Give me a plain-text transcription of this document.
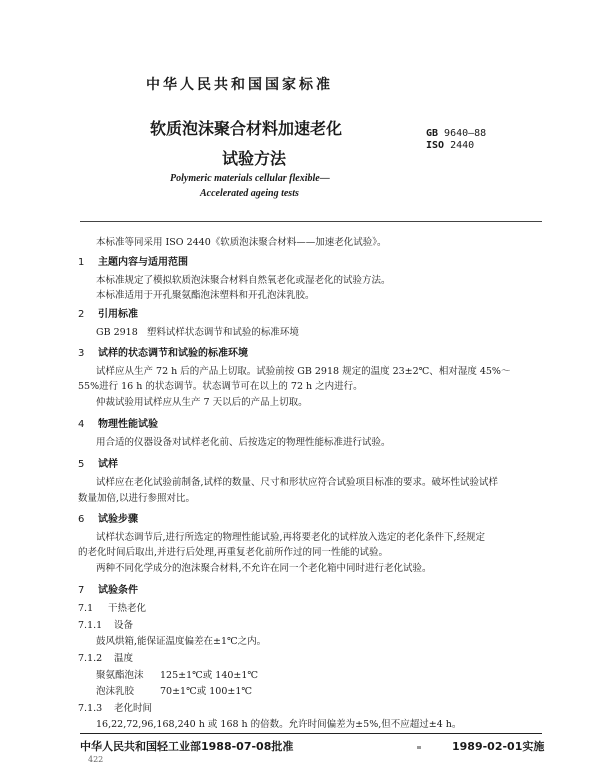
中华人民共和国国家标准
软质泡沫聚合材料加速老化
试验方法
GB 9640—88
ISO 2440
Polymeric materials cellular flexible—
Accelerated ageing tests
本标准等同采用 ISO 2440《软质泡沫聚合材料——加速老化试验》。
1 主题内容与适用范围
本标准规定了模拟软质泡沫聚合材料自然氧老化或湿老化的试验方法。
本标准适用于开孔聚氨酯泡沫塑料和开孔泡沫乳胶。
2 引用标准
GB 2918   塑料试样状态调节和试验的标准环境
3 试样的状态调节和试验的标准环境
试样应从生产 72 h 后的产品上切取。试验前按 GB 2918 规定的温度 23±2℃、相对湿度 45%～
55%进行 16 h 的状态调节。状态调节可在以上的 72 h 之内进行。
仲裁试验用试样应从生产 7 天以后的产品上切取。
4 物理性能试验
用合适的仪器设备对试样老化前、后按选定的物理性能标准进行试验。
5 试样
试样应在老化试验前制备,试样的数量、尺寸和形状应符合试验项目标准的要求。破坏性试验试样
数量加倍,以进行参照对比。
6 试验步骤
试样状态调节后,进行所选定的物理性能试验,再将要老化的试样放入选定的老化条件下,经规定
的老化时间后取出,并进行后处理,再重复老化前所作过的同一性能的试验。
两种不同化学成分的泡沫聚合材料,不允许在同一个老化箱中同时进行老化试验。
7 试验条件
7.1 干热老化
7.1.1 设备
鼓风烘箱,能保证温度偏差在±1℃之内。
7.1.2 温度
聚氨酯泡沫 125±1℃或 140±1℃
泡沫乳胶	70±1℃或 100±1℃
7.1.3 老化时间
16,22,72,96,168,240 h 或 168 h 的倍数。允许时间偏差为±5%,但不应超过±4 h。
中华人民共和国轻工业部1988-07-08批准	1989-02-01实施
422
